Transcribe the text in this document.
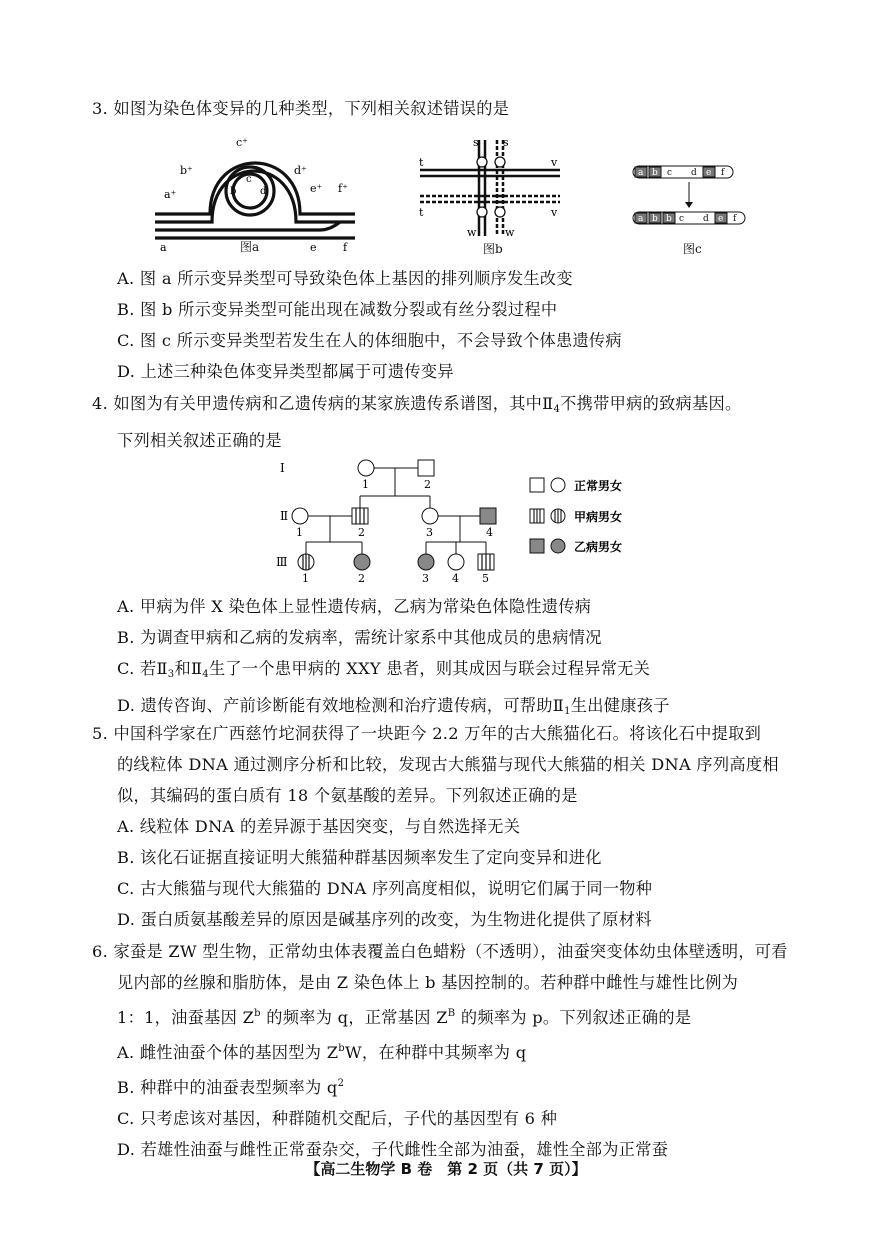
3. 如图为染色体变异的几种类型，下列相关叙述错误的是

a	e f
a⁺
b⁺
c⁺
d⁺
e⁺ f⁺
b
c
d
图a
s s
t
t
v
v
w	w
图b
a b	e
a b b	e
c d	f
c d	f
图c

A. 图 a 所示变异类型可导致染色体上基因的排列顺序发生改变

B. 图 b 所示变异类型可能出现在减数分裂或有丝分裂过程中

C. 图 c 所示变异类型若发生在人的体细胞中，不会导致个体患遗传病

D. 上述三种染色体变异类型都属于可遗传变异

4. 如图为有关甲遗传病和乙遗传病的某家族遗传系谱图，其中$Ⅱ_4$不携带甲病的致病基因。

下列相关叙述正确的是

Ⅰ
Ⅱ
Ⅲ
1	2
1	2	3	4
1	2	3 4 5
正常男女
甲病男女
乙病男女

A. 甲病为伴 X 染色体上显性遗传病，乙病为常染色体隐性遗传病

B. 为调查甲病和乙病的发病率，需统计家系中其他成员的患病情况

C. 若$Ⅱ_3$和$Ⅱ_4$生了一个患甲病的 XXY 患者，则其成因与联会过程异常无关

D. 遗传咨询、产前诊断能有效地检测和治疗遗传病，可帮助$Ⅱ_1$生出健康孩子

5. 中国科学家在广西慈竹坨洞获得了一块距今 2.2 万年的古大熊猫化石。将该化石中提取到

的线粒体 DNA 通过测序分析和比较，发现古大熊猫与现代大熊猫的相关 DNA 序列高度相

似，其编码的蛋白质有 18 个氨基酸的差异。下列叙述正确的是

A. 线粒体 DNA 的差异源于基因突变，与自然选择无关

B. 该化石证据直接证明大熊猫种群基因频率发生了定向变异和进化

C. 古大熊猫与现代大熊猫的 DNA 序列高度相似，说明它们属于同一物种

D. 蛋白质氨基酸差异的原因是碱基序列的改变，为生物进化提供了原材料

6. 家蚕是 ZW 型生物，正常幼虫体表覆盖白色蜡粉（不透明），油蚕突变体幼虫体壁透明，可看

见内部的丝腺和脂肪体，是由 Z 染色体上 b 基因控制的。若种群中雌性与雄性比例为

1：1，油蚕基因 $Z^b$ 的频率为 q，正常基因 $Z^B$ 的频率为 p。下列叙述正确的是

A. 雌性油蚕个体的基因型为 $Z^bW$，在种群中其频率为 q

B. 种群中的油蚕表型频率为 $q^2$

C. 只考虑该对基因，种群随机交配后，子代的基因型有 6 种

D. 若雄性油蚕与雌性正常蚕杂交，子代雌性全部为油蚕，雄性全部为正常蚕

【高二生物学 B 卷　第 2 页（共 7 页）】
